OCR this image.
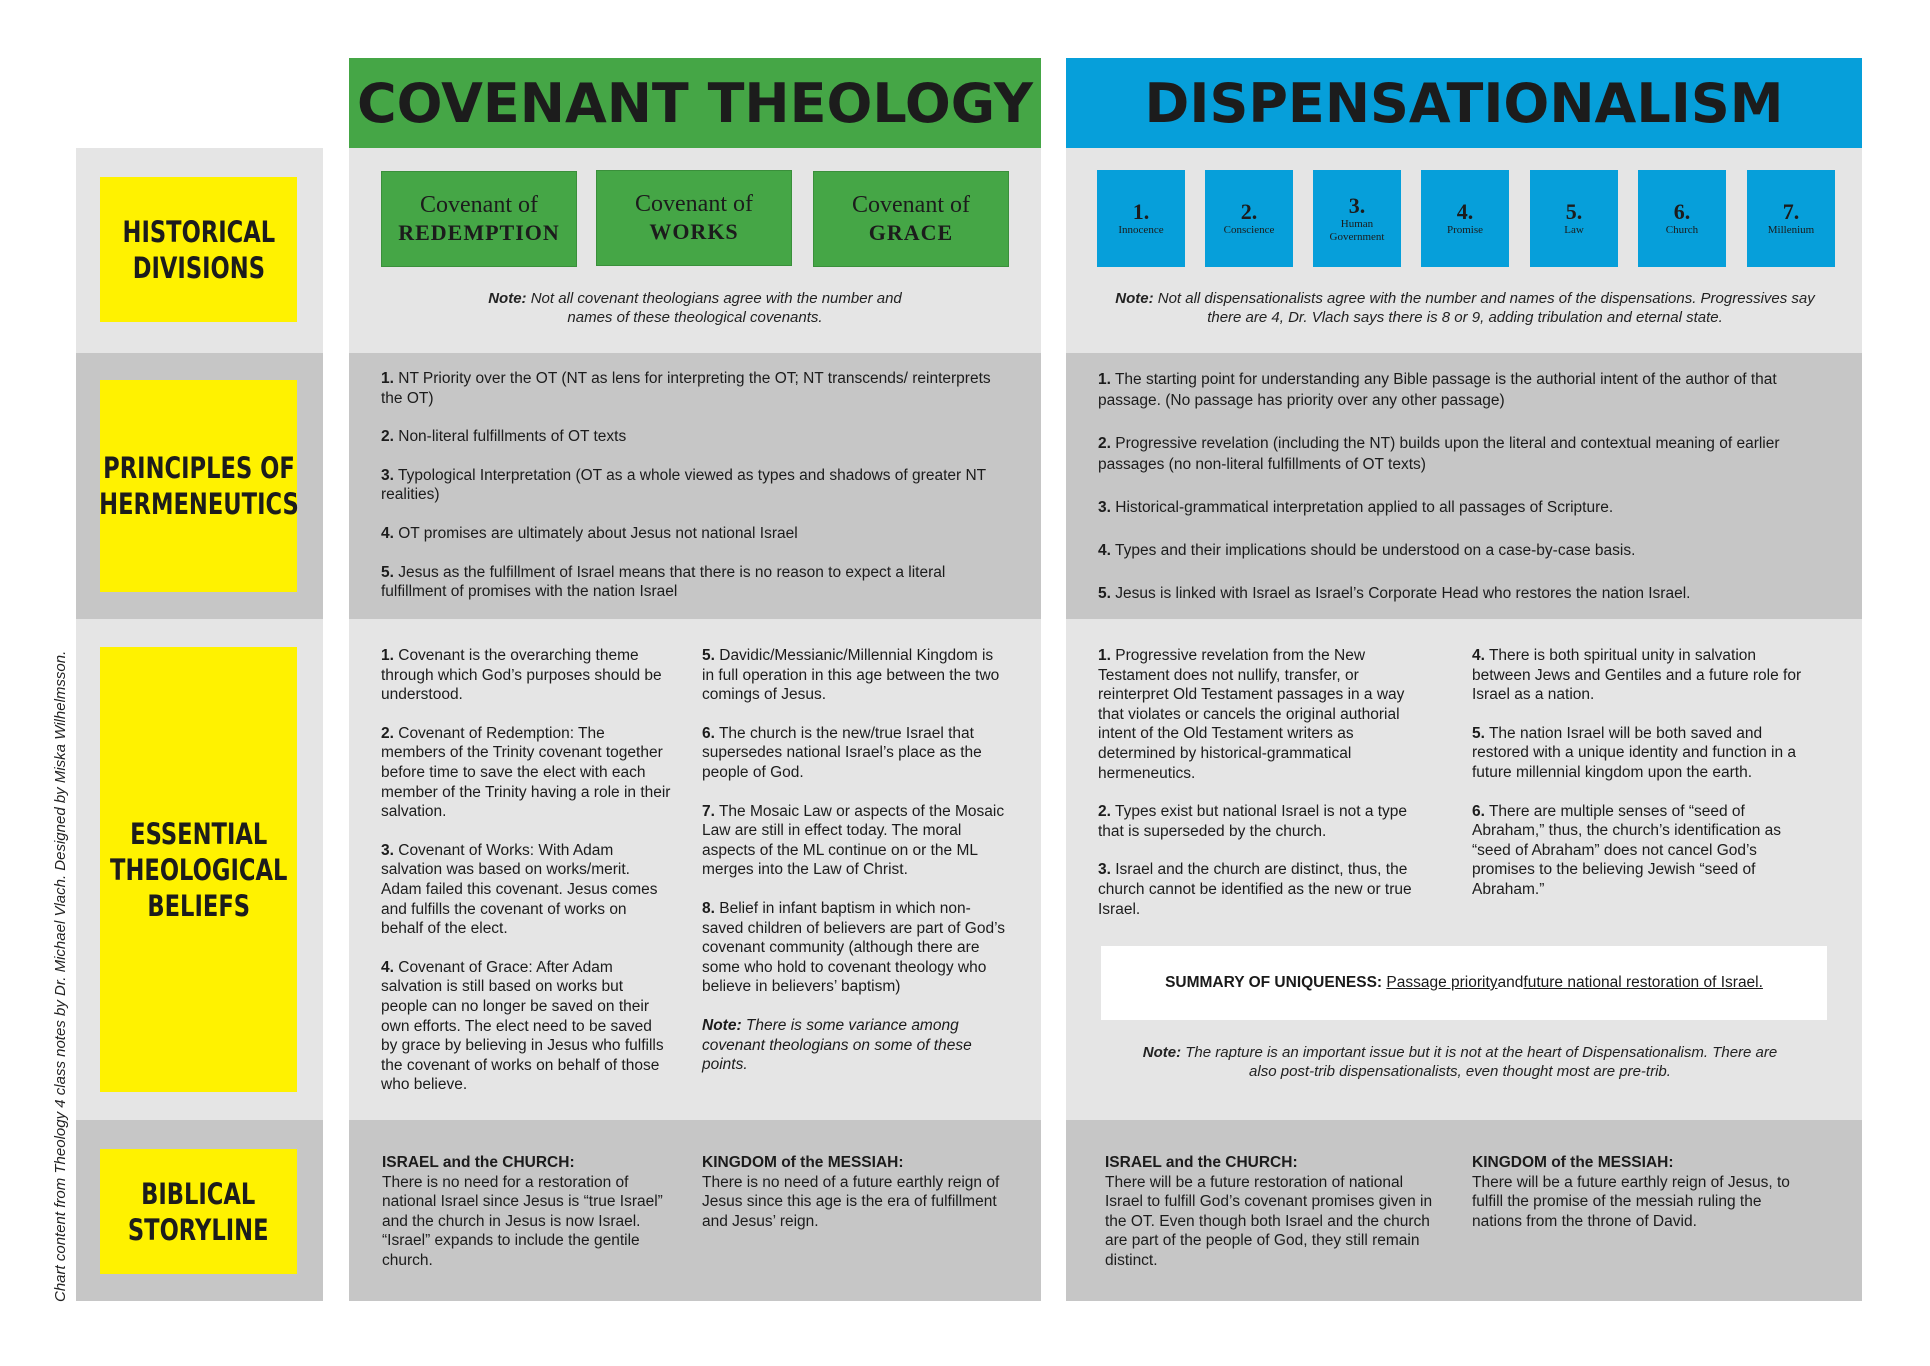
Chart content from Theology 4 class notes by Dr. Michael Vlach. Designed by Miska Wilhelmsson.
COVENANT THEOLOGY	DISPENSATIONALISM
HISTORICAL
DIVISIONS
PRINCIPLES OF
HERMENEUTICS
ESSENTIAL
THEOLOGICAL
BELIEFS
BIBLICAL
STORYLINE
Covenant of
REDEMPTION
Covenant of
WORKS
Covenant of
GRACE
Note: Not all covenant theologians agree with the number and names of these theological covenants.
1.
Innocence
2.
Conscience
3.
Human Government
4.
Promise
5.
Law
6.
Church
7.
Millenium
Note: Not all dispensationalists agree with the number and names of the dispensations. Progressives say there are 4, Dr. Vlach says there is 8 or 9, adding tribulation and eternal state.

1. NT Priority over the OT (NT as lens for interpreting the OT; NT transcends/ reinterprets the OT)

2. Non-literal fulfillments of OT texts

3. Typological Interpretation (OT as a whole viewed as types and shadows of greater NT realities)

4. OT promises are ultimately about Jesus not national Israel

5. Jesus as the fulfillment of Israel means that there is no reason to expect a literal fulfillment of promises with the nation Israel

1. The starting point for understanding any Bible passage is the authorial intent of the author of that passage. (No passage has priority over any other passage)

2. Progressive revelation (including the NT) builds upon the literal and contextual meaning of earlier passages (no non-literal fulfillments of OT texts)

3. Historical-grammatical interpretation applied to all passages of Scripture.

4. Types and their implications should be understood on a case-by-case basis.

5. Jesus is linked with Israel as Israel’s Corporate Head who restores the nation Israel.

1. Covenant is the overarching theme through which God’s purposes should be understood.

2. Covenant of Redemption: The members of the Trinity covenant together before time to save the elect with each member of the Trinity having a role in their salvation.

3. Covenant of Works: With Adam salvation was based on works/merit. Adam failed this covenant. Jesus comes and fulfills the covenant of works on behalf of the elect.

4. Covenant of Grace: After Adam salvation is still based on works but people can no longer be saved on their own efforts. The elect need to be saved by grace by believing in Jesus who fulfills the covenant of works on behalf of those who believe.

5. Davidic/Messianic/Millennial Kingdom is in full operation in this age between the two comings of Jesus.

6. The church is the new/true Israel that supersedes national Israel’s place as the people of God.

7. The Mosaic Law or aspects of the Mosaic Law are still in effect today. The moral aspects of the ML continue on or the ML merges into the Law of Christ.

8. Belief in infant baptism in which non-saved children of believers are part of God’s covenant community (although there are some who hold to covenant theology who believe in believers’ baptism)

Note: There is some variance among covenant theologians on some of these points.

1. Progressive revelation from the New Testament does not nullify, transfer, or reinterpret Old Testament passages in a way that violates or cancels the original authorial intent of the Old Testament writers as determined by historical-grammatical hermeneutics.

2. Types exist but national Israel is not a type that is superseded by the church.

3. Israel and the church are distinct, thus, the church cannot be identified as the new or true Israel.

4. There is both spiritual unity in salvation between Jews and Gentiles and a future role for Israel as a nation.

5. The nation Israel will be both saved and restored with a unique identity and function in a future millennial kingdom upon the earth.

6. There are multiple senses of “seed of Abraham,” thus, the church’s identification as “seed of Abraham” does not cancel God’s promises to the believing Jewish “seed of Abraham.”

SUMMARY OF UNIQUENESS:
Passage priority and future national restoration of Israel.
Note: The rapture is an important issue but it is not at the heart of Dispensationalism. There are also post-trib dispensationalists, even thought most are pre-trib.
ISRAEL and the CHURCH:
There is no need for a restoration of national Israel since Jesus is “true Israel” and the church in Jesus is now Israel. “Israel” expands to include the gentile church.
KINGDOM of the MESSIAH:
There is no need of a future earthly reign of Jesus since this age is the era of fulfillment and Jesus’ reign.
ISRAEL and the CHURCH:
There will be a future restoration of national Israel to fulfill God’s covenant promises given in the OT. Even though both Israel and the church are part of the people of God, they still remain distinct.
KINGDOM of the MESSIAH:
There will be a future earthly reign of Jesus, to fulfill the promise of the messiah ruling the nations from the throne of David.
